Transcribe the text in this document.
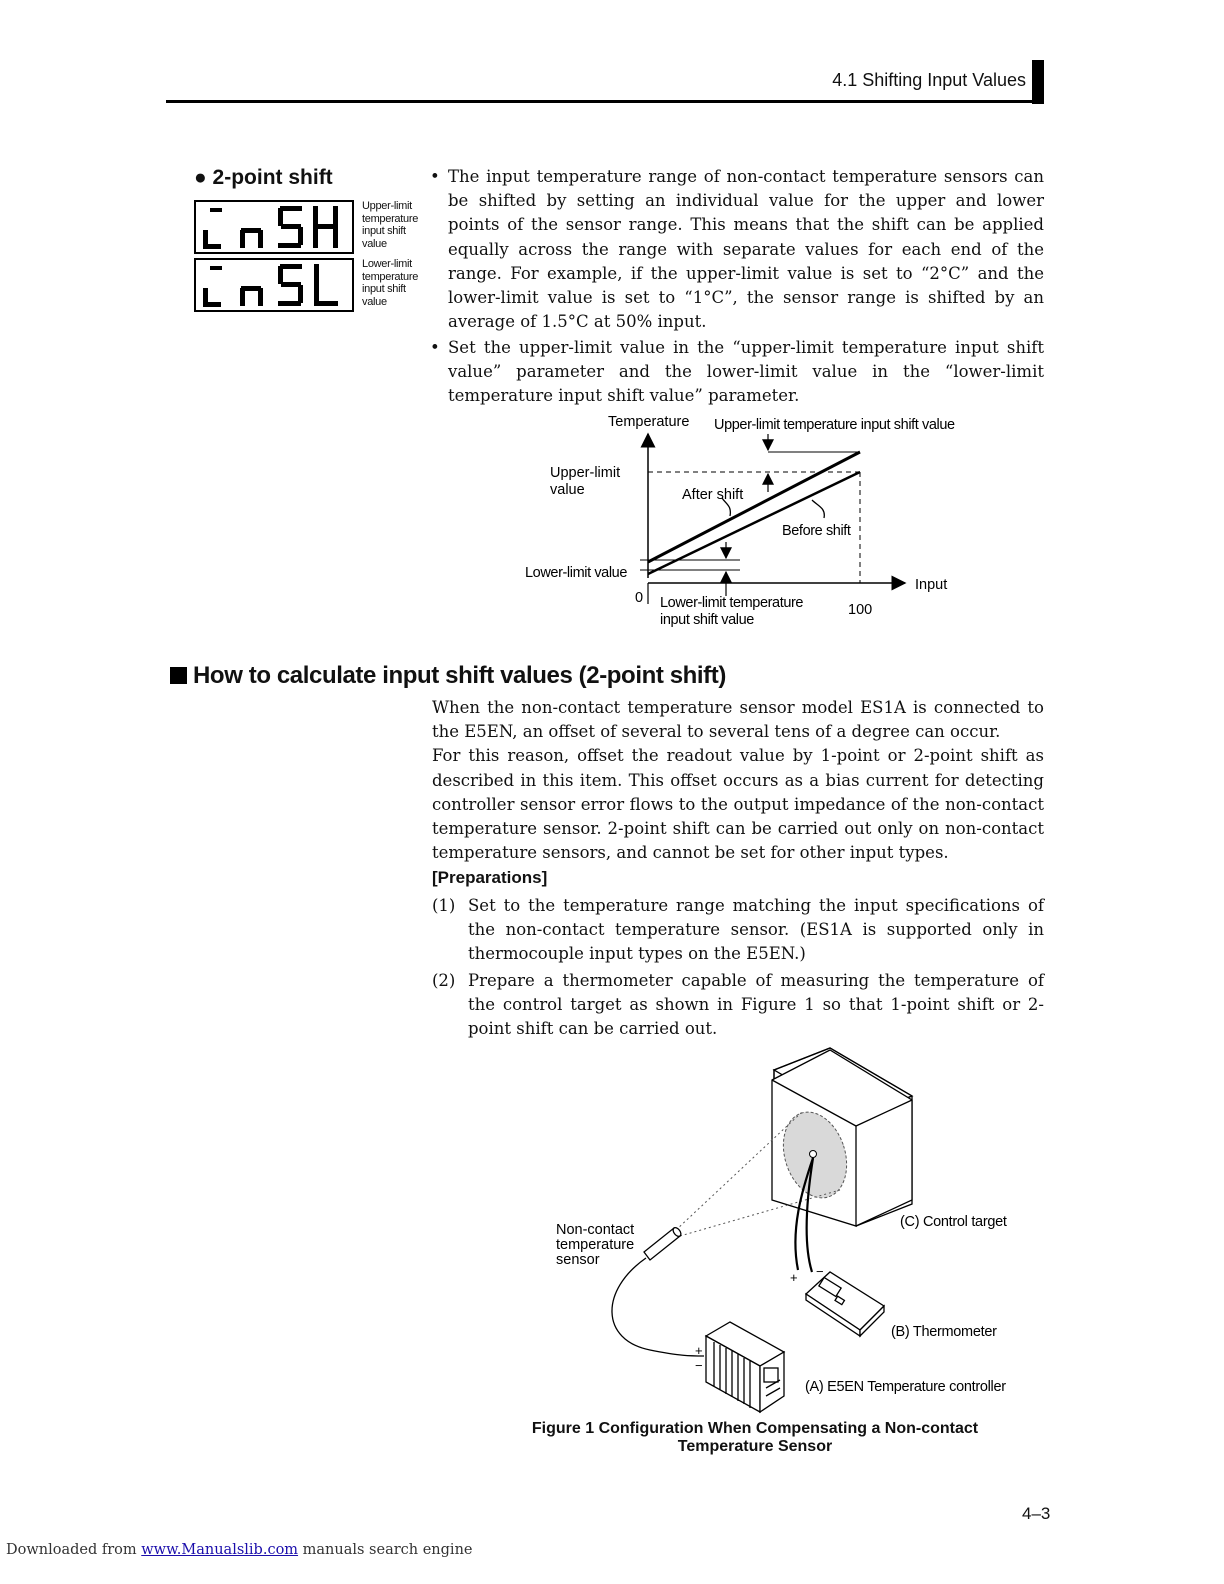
4.1 Shifting Input Values
● 2-point shift
Upper-limit
temperature
input shift
value
Lower-limit
temperature
input shift
value
• The input temperature range of non-contact temperature sensors can be shifted by setting an individual value for the upper and lower points of the sensor range. This means that the shift can be applied equally across the range with separate values for each end of the range. For example, if the upper-limit value is set to “2°C” and the lower-limit value is set to “1°C”, the sensor range is shifted by an average of 1.5°C at 50% input.
• Set the upper-limit value in the “upper-limit temperature input shift value” parameter and the lower-limit value in the “lower-limit temperature input shift value” parameter.
Temperature Upper-limit temperature input shift value
Upper-limit
value	After shift
Before shift
Lower-limit value
Input
0 Lower-limit temperature
input shift value
100
How to calculate input shift values (2-point shift)
When the non-contact temperature sensor model ES1A is connected to the E5EN, an offset of several to several tens of a degree can occur.
For this reason, offset the readout value by 1-point or 2-point shift as described in this item. This offset occurs as a bias current for detecting controller sensor error flows to the output impedance of the non-contact temperature sensor. 2-point shift can be carried out only on non-contact temperature sensors, and cannot be set for other input types.
[Preparations]
(1) Set to the temperature range matching the input specifications of the non-contact temperature sensor. (ES1A is supported only in thermocouple input types on the E5EN.)
(2) Prepare a thermometer capable of measuring the temperature of the control target as shown in Figure 1 so that 1-point shift or 2-point shift can be carried out.
+ −
+
−
Non-contact
temperature
sensor
(C) Control target
(B) Thermometer
(A) E5EN Temperature controller
Figure 1 Configuration When Compensating a Non-contact
Temperature Sensor
4–3
Downloaded from www.Manualslib.com manuals search engine
